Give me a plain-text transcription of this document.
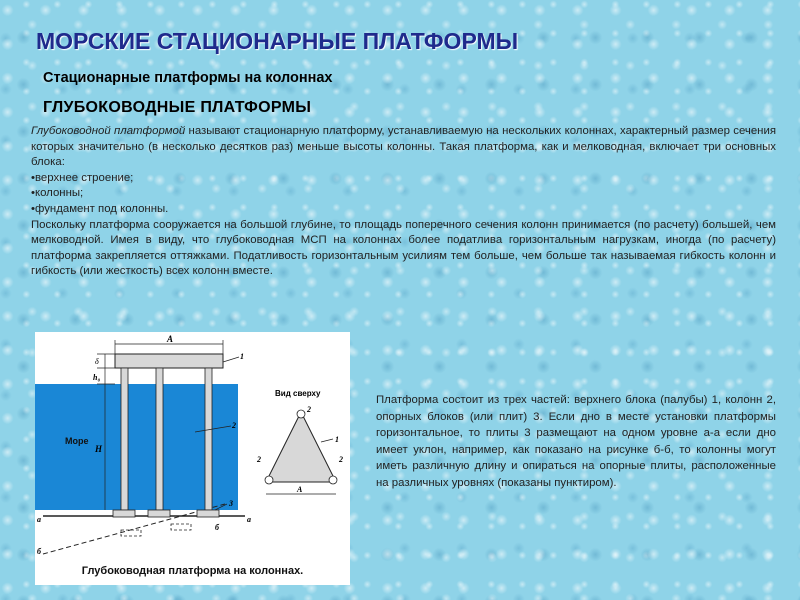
МОРСКИЕ СТАЦИОНАРНЫЕ ПЛАТФОРМЫ
Стационарные платформы на колоннах
ГЛУБОКОВОДНЫЕ ПЛАТФОРМЫ

Глубоководной платформой называют стационарную платформу, устанавливаемую на нескольких колоннах, характерный размер сечения которых значительно (в несколько десятков раз) меньше высоты колонны. Такая платформа, как и мелководная, включает три основных блока:

•верхнее строение;

•колонны;

•фундамент под колонны.

Поскольку платформа сооружается на большой глубине, то площадь поперечного сечения колонн принимается (по расчету) большей, чем мелководной. Имея в виду, что глубоководная МСП на колоннах более податлива горизонтальным нагрузкам, иногда (по расчету) платформа закрепляется оттяжками. Податливость горизонтальным усилиям тем больше, чем больше так называемая гибкость колонн и гибкость (или жесткость) всех колонн вместе.

A
δ
h₀
H
1
2
3
а	а
б
б
Море
Вид сверху
2
2	2
1
A
Глубоководная платформа на колоннах.
Платформа состоит из трех частей: верхнего блока (палубы) 1, колонн 2, опорных блоков (или плит) 3. Если дно в месте установки платформы горизонтальное, то плиты 3 размещают на одном уровне а-а если дно имеет уклон, например, как показано на рисунке б-б, то колонны могут иметь различную длину и опираться на опорные плиты, расположенные на различных уровнях (показаны пунктиром).
